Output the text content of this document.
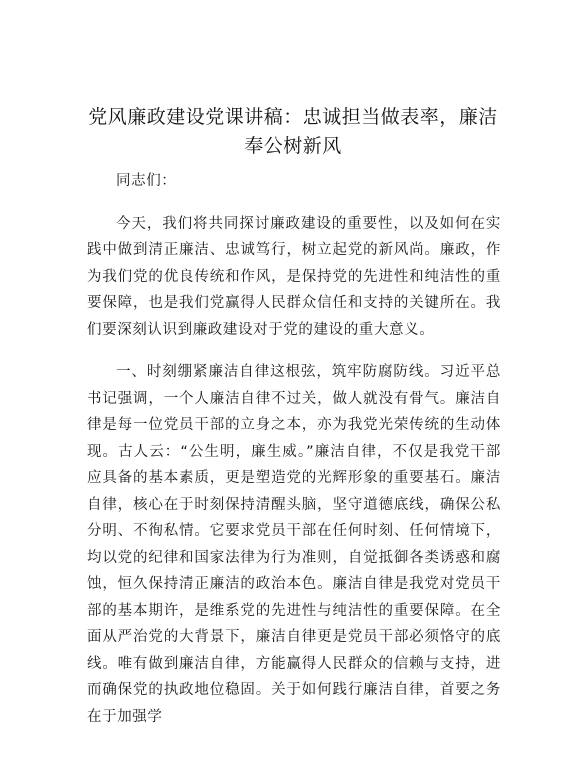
党风廉政建设党课讲稿：忠诚担当做表率，廉洁奉公树新风

同志们：

今天，我们将共同探讨廉政建设的重要性，以及如何在实践中做到清正廉洁、忠诚笃行，树立起党的新风尚。廉政，作为我们党的优良传统和作风，是保持党的先进性和纯洁性的重要保障，也是我们党赢得人民群众信任和支持的关键所在。我们要深刻认识到廉政建设对于党的建设的重大意义。

一、时刻绷紧廉洁自律这根弦，筑牢防腐防线。习近平总书记强调，一个人廉洁自律不过关，做人就没有骨气。廉洁自律是每一位党员干部的立身之本，亦为我党光荣传统的生动体现。古人云：“公生明，廉生威。”廉洁自律，不仅是我党干部应具备的基本素质，更是塑造党的光辉形象的重要基石。廉洁自律，核心在于时刻保持清醒头脑，坚守道德底线，确保公私分明、不徇私情。它要求党员干部在任何时刻、任何情境下，均以党的纪律和国家法律为行为准则，自觉抵御各类诱惑和腐蚀，恒久保持清正廉洁的政治本色。廉洁自律是我党对党员干部的基本期许，是维系党的先进性与纯洁性的重要保障。在全面从严治党的大背景下，廉洁自律更是党员干部必须恪守的底线。唯有做到廉洁自律，方能赢得人民群众的信赖与支持，进而确保党的执政地位稳固。关于如何践行廉洁自律，首要之务在于加强学
